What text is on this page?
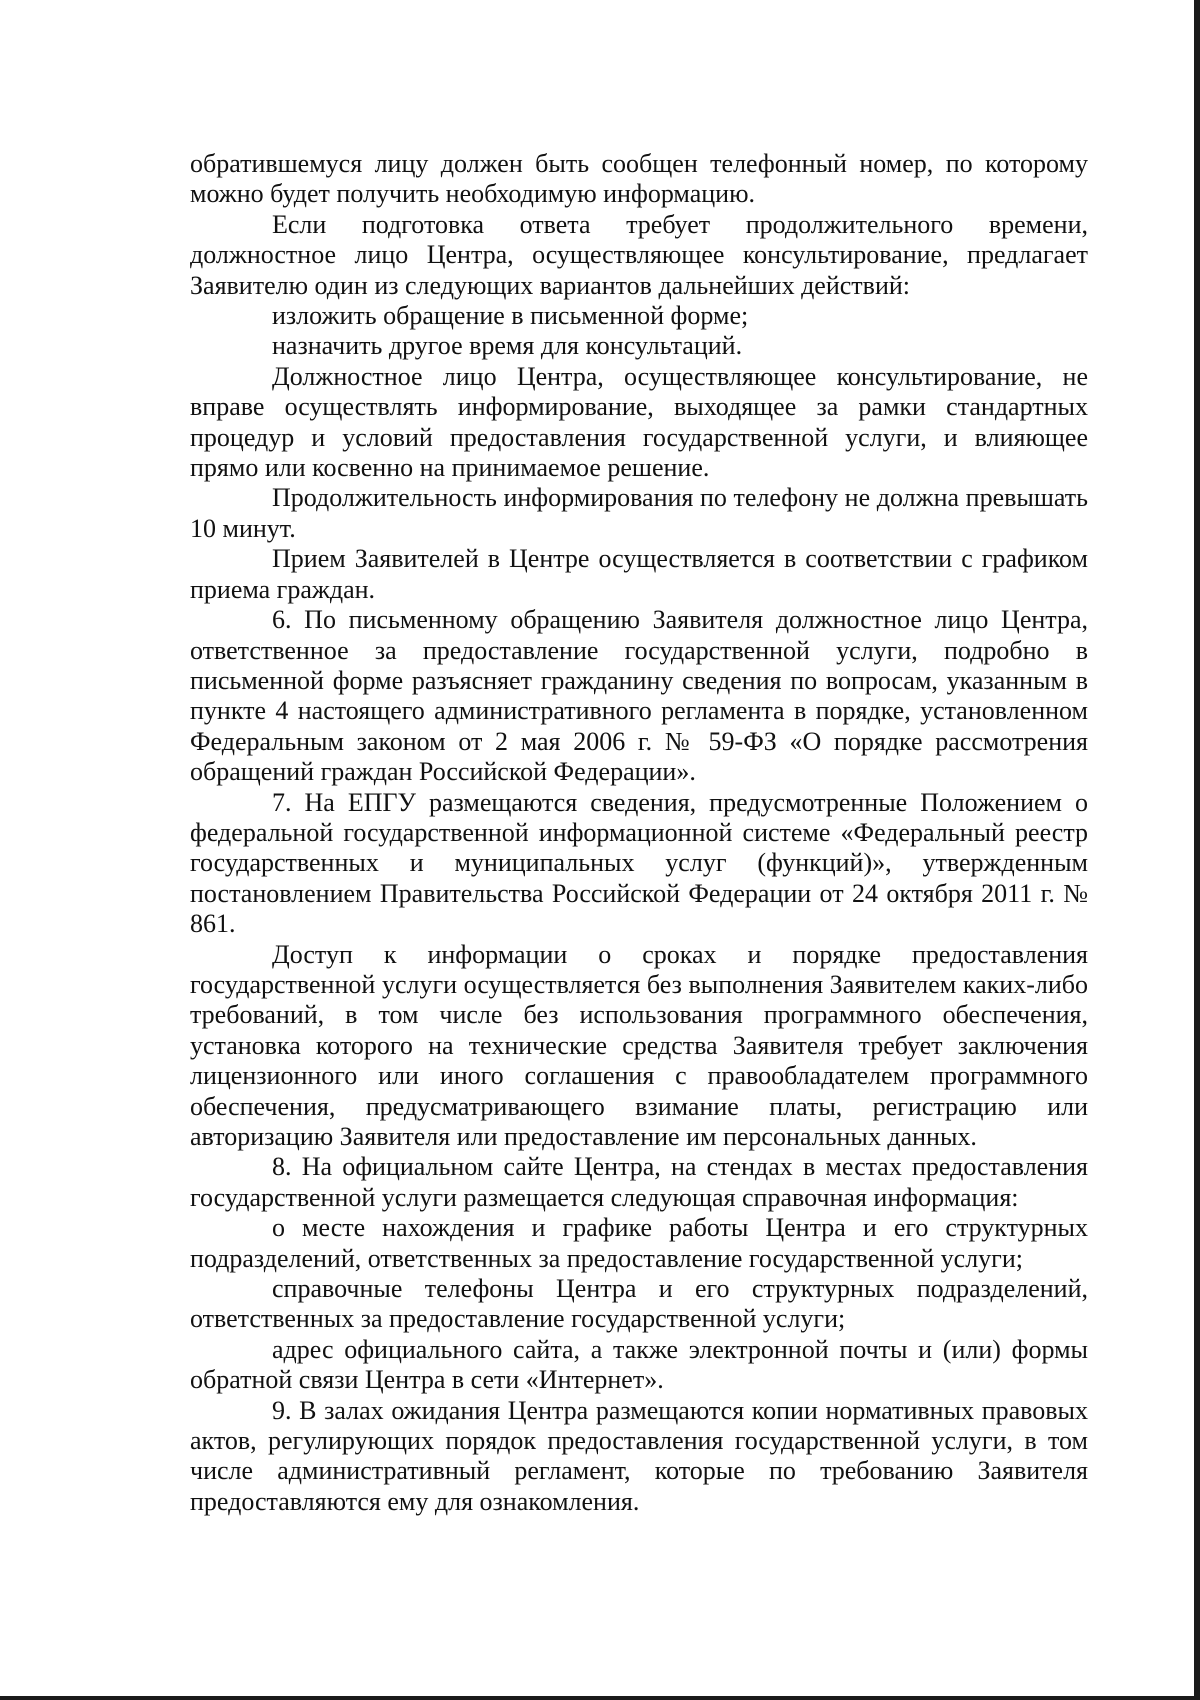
обратившемуся лицу должен быть сообщен телефонный номер, по которому можно будет получить необходимую информацию.

Если подготовка ответа требует продолжительного времени, должностное лицо Центра, осуществляющее консультирование, предлагает Заявителю один из следующих вариантов дальнейших действий:

изложить обращение в письменной форме;

назначить другое время для консультаций.

Должностное лицо Центра, осуществляющее консультирование, не вправе осуществлять информирование, выходящее за рамки стандартных процедур и условий предоставления государственной услуги, и влияющее прямо или косвенно на принимаемое решение.

Продолжительность информирования по телефону не должна превышать 10 минут.

Прием Заявителей в Центре осуществляется в соответствии с графиком приема граждан.

6. По письменному обращению Заявителя должностное лицо Центра, ответственное за предоставление государственной услуги, подробно в письменной форме разъясняет гражданину сведения по вопросам, указанным в пункте 4 настоящего административного регламента в порядке, установленном Федеральным законом от 2 мая 2006 г. № 59-ФЗ «О порядке рассмотрения обращений граждан Российской Федерации».

7. На ЕПГУ размещаются сведения, предусмотренные Положением о федеральной государственной информационной системе «Федеральный реестр государственных и муниципальных услуг (функций)», утвержденным постановлением Правительства Российской Федерации от 24 октября 2011 г. № 861.

Доступ к информации о сроках и порядке предоставления государственной услуги осуществляется без выполнения Заявителем каких-либо требований, в том числе без использования программного обеспечения, установка которого на технические средства Заявителя требует заключения лицензионного или иного соглашения с правообладателем программного обеспечения, предусматривающего взимание платы, регистрацию или авторизацию Заявителя или предоставление им персональных данных.

8. На официальном сайте Центра, на стендах в местах предоставления государственной услуги размещается следующая справочная информация:

о месте нахождения и графике работы Центра и его структурных подразделений, ответственных за предоставление государственной услуги;

справочные телефоны Центра и его структурных подразделений, ответственных за предоставление государственной услуги;

адрес официального сайта, а также электронной почты и (или) формы обратной связи Центра в сети «Интернет».

9. В залах ожидания Центра размещаются копии нормативных правовых актов, регулирующих порядок предоставления государственной услуги, в том числе административный регламент, которые по требованию Заявителя предоставляются ему для ознакомления.
